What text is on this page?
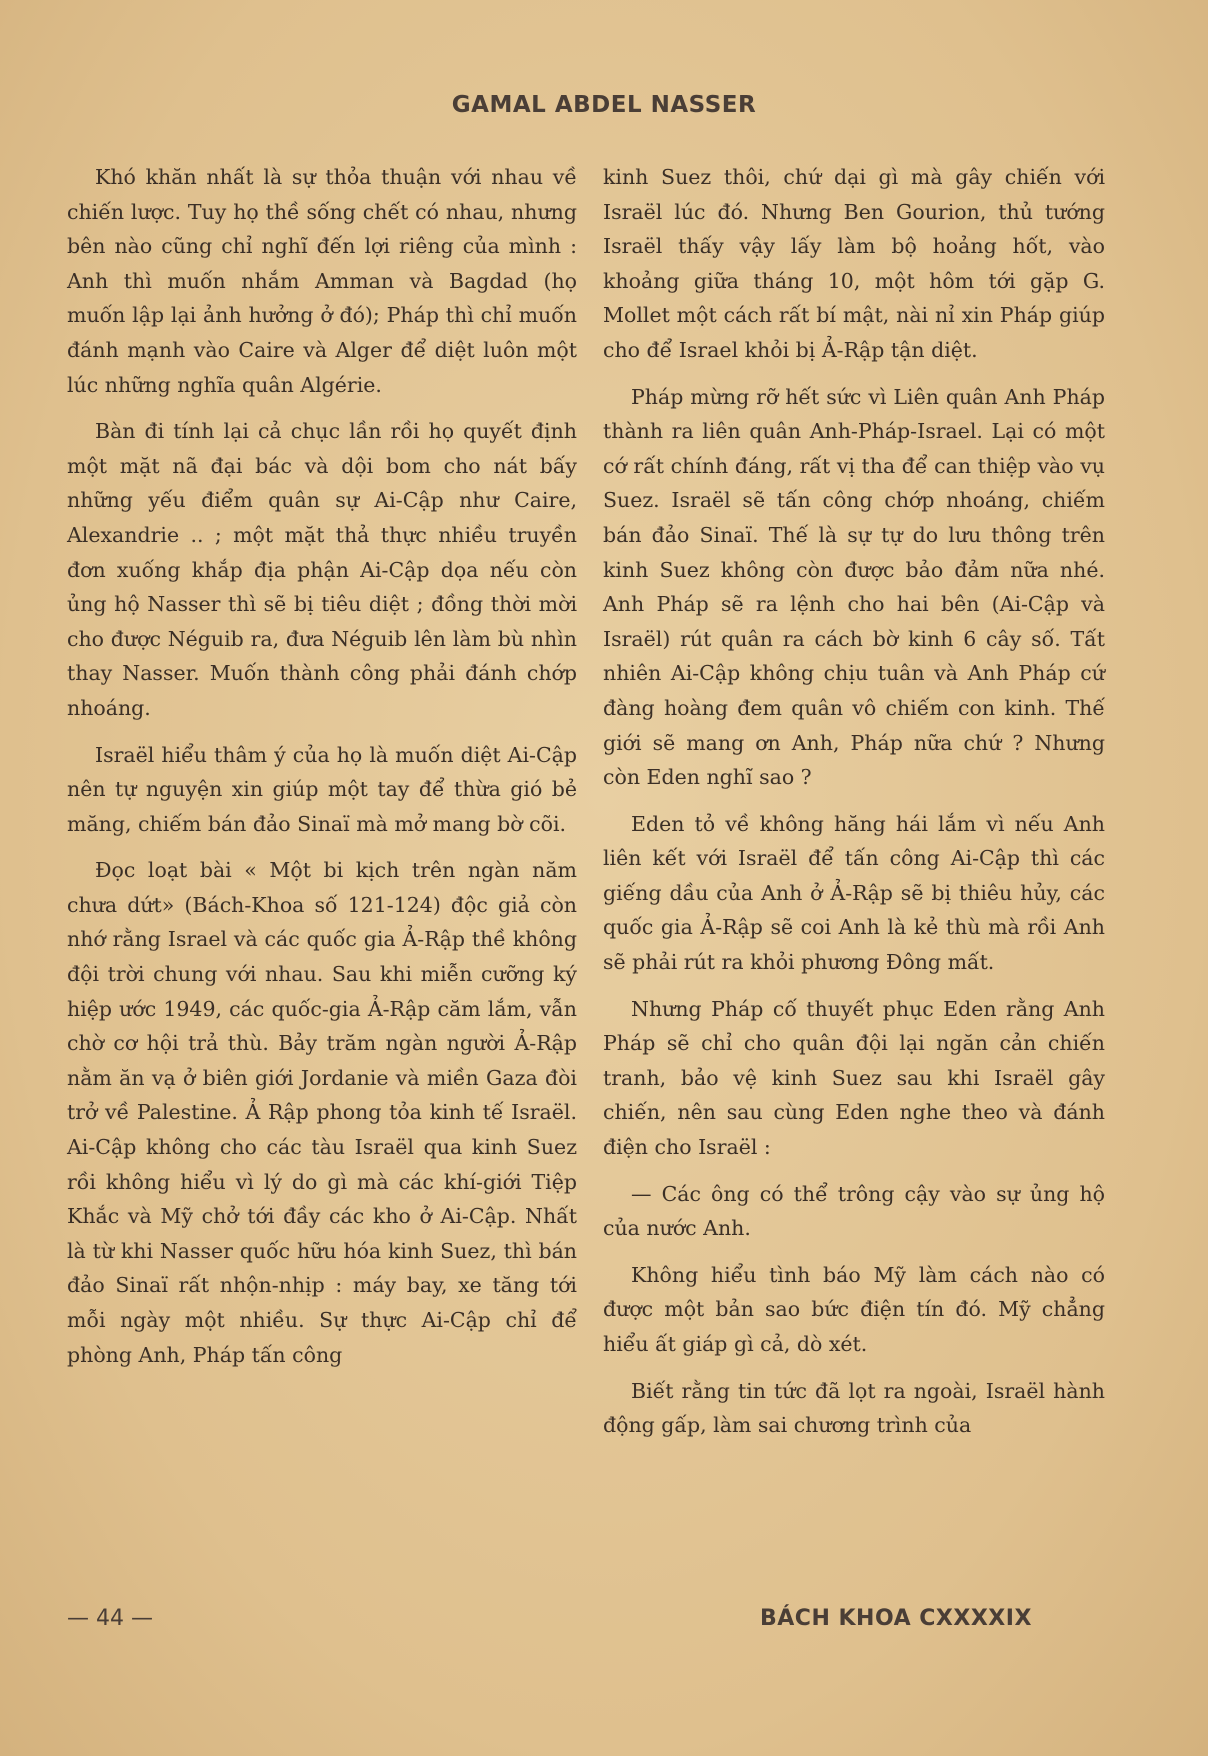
GAMAL ABDEL NASSER

Khó khăn nhất là sự thỏa thuận với nhau về chiến lược. Tuy họ thề sống chết có nhau, nhưng bên nào cũng chỉ nghĩ đến lợi riêng của mình : Anh thì muốn nhắm Amman và Bagdad (họ muốn lập lại ảnh hưởng ở đó); Pháp thì chỉ muốn đánh mạnh vào Caire và Alger để diệt luôn một lúc những nghĩa quân Algérie.

Bàn đi tính lại cả chục lần rồi họ quyết định một mặt nã đại bác và dội bom cho nát bấy những yếu điểm quân sự Ai-Cập như Caire, Alexandrie .. ; một mặt thả thực nhiều truyền đơn xuống khắp địa phận Ai-Cập dọa nếu còn ủng hộ Nasser thì sẽ bị tiêu diệt ; đồng thời mời cho được Néguib ra, đưa Néguib lên làm bù nhìn thay Nasser. Muốn thành công phải đánh chớp nhoáng.

Israël hiểu thâm ý của họ là muốn diệt Ai-Cập nên tự nguyện xin giúp một tay để thừa gió bẻ măng, chiếm bán đảo Sinaï mà mở mang bờ cõi.

Đọc loạt bài « Một bi kịch trên ngàn năm chưa dứt» (Bách-Khoa số 121-124) độc giả còn nhớ rằng Israel và các quốc gia Ả-Rập thề không đội trời chung với nhau. Sau khi miễn cưỡng ký hiệp ước 1949, các quốc-gia Ả-Rập căm lắm, vẫn chờ cơ hội trả thù. Bảy trăm ngàn người Ả-Rập nằm ăn vạ ở biên giới Jordanie và miền Gaza đòi trở về Palestine. Ả Rập phong tỏa kinh tế Israël. Ai-Cập không cho các tàu Israël qua kinh Suez rồi không hiểu vì lý do gì mà các khí-giới Tiệp Khắc và Mỹ chở tới đầy các kho ở Ai-Cập. Nhất là từ khi Nasser quốc hữu hóa kinh Suez, thì bán đảo Sinaï rất nhộn-nhịp : máy bay, xe tăng tới mỗi ngày một nhiều. Sự thực Ai-Cập chỉ để phòng Anh, Pháp tấn công

kinh Suez thôi, chứ dại gì mà gây chiến với Israël lúc đó. Nhưng Ben Gourion, thủ tướng Israël thấy vậy lấy làm bộ hoảng hốt, vào khoảng giữa tháng 10, một hôm tới gặp G. Mollet một cách rất bí mật, nài nỉ xin Pháp giúp cho để Israel khỏi bị Ả-Rập tận diệt.

Pháp mừng rỡ hết sức vì Liên quân Anh Pháp thành ra liên quân Anh-Pháp-Israel. Lại có một cớ rất chính đáng, rất vị tha để can thiệp vào vụ Suez. Israël sẽ tấn công chớp nhoáng, chiếm bán đảo Sinaï. Thế là sự tự do lưu thông trên kinh Suez không còn được bảo đảm nữa nhé. Anh Pháp sẽ ra lệnh cho hai bên (Ai-Cập và Israël) rút quân ra cách bờ kinh 6 cây số. Tất nhiên Ai-Cập không chịu tuân và Anh Pháp cứ đàng hoàng đem quân vô chiếm con kinh. Thế giới sẽ mang ơn Anh, Pháp nữa chứ ? Nhưng còn Eden nghĩ sao ?

Eden tỏ về không hăng hái lắm vì nếu Anh liên kết với Israël để tấn công Ai-Cập thì các giếng dầu của Anh ở Ả-Rập sẽ bị thiêu hủy, các quốc gia Ả-Rập sẽ coi Anh là kẻ thù mà rồi Anh sẽ phải rút ra khỏi phương Đông mất.

Nhưng Pháp cố thuyết phục Eden rằng Anh Pháp sẽ chỉ cho quân đội lại ngăn cản chiến tranh, bảo vệ kinh Suez sau khi Israël gây chiến, nên sau cùng Eden nghe theo và đánh điện cho Israël :

— Các ông có thể trông cậy vào sự ủng hộ của nước Anh.

Không hiểu tình báo Mỹ làm cách nào có được một bản sao bức điện tín đó. Mỹ chẳng hiểu ất giáp gì cả, dò xét.

Biết rằng tin tức đã lọt ra ngoài, Israël hành động gấp, làm sai chương trình của

— 44 —	BÁCH KHOA CXXXXIX
